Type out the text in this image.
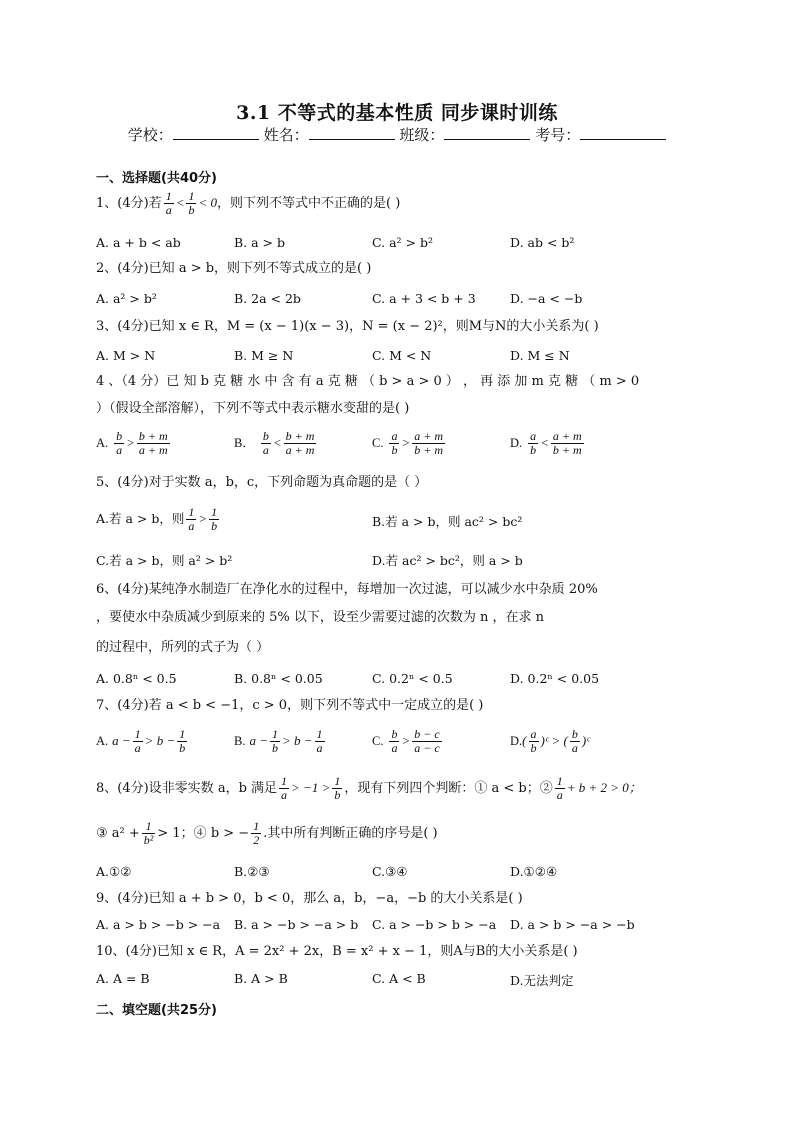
3.1 不等式的基本性质 同步课时训练
学校：	姓名：	班级：	考号：
一、选择题(共40分)
1、(4分)若 $\frac{1}{a} < \frac{1}{b} < 0$，则下列不等式中不正确的是( )
A. a + b < ab	B. a > b	C. a² > b²	D. ab < b²
2、(4分)已知 a > b，则下列不等式成立的是( )
A. a² > b²	B. 2a < 2b	C. a + 3 < b + 3	D. −a < −b
3、(4分)已知 x ∈ R，M = (x − 1)(x − 3)，N = (x − 2)²，则M与N的大小关系为( )
A. M > N	B. M ≥ N	C. M < N	D. M ≤ N
4 、（4 分）已 知 b 克 糖 水 中 含 有 a 克 糖 （ b > a > 0 ） ， 再 添 加 m 克 糖 （ m > 0
）（假设全部溶解），下列不等式中表示糖水变甜的是( )
A. $\frac{b}{a} > \frac{b + m}{a + m}$	B． $\frac{b}{a} < \frac{b + m}{a + m}$	C. $\frac{a}{b} > \frac{a + m}{b + m}$	D. $\frac{a}{b} < \frac{a + m}{b + m}$
5、(4分)对于实数 a，b，c，下列命题为真命题的是（ ）
A.若 a > b，则 $\frac{1}{a} > \frac{1}{b}$	B.若 a > b，则 ac² > bc²
C.若 a > b，则 a² > b²	D.若 ac² > bc²，则 a > b
6、(4分)某纯净水制造厂在净化水的过程中，每增加一次过滤，可以减少水中杂质 20%
，要使水中杂质减少到原来的 5% 以下，设至少需要过滤的次数为 n ，在求 n
的过程中，所列的式子为（ ）
A. 0.8ⁿ < 0.5	B. 0.8ⁿ < 0.05	C. 0.2ⁿ < 0.5	D. 0.2ⁿ < 0.05
7、(4分)若 a < b < −1，c > 0，则下列不等式中一定成立的是( )
A. $a - \frac{1}{a} > b - \frac{1}{b}$	B. $a - \frac{1}{b} > b - \frac{1}{a}$	C. $\frac{b}{a} > \frac{b - c}{a - c}$	$D.( \frac{a}{b}$ )ᶜ > ( $\frac{b}{a}$ )ᶜ
8、(4分)设非零实数 a，b 满足 $\frac{1}{a} > -1 > \frac{1}{b}$ ，现有下列四个判断：① a < b；② $\frac{1}{a} + b + 2 > 0$；
③ $a^2 + \frac{1}{\text{b²}} > 1$；④ b > − $\frac{1}{2}$ .其中所有判断正确的序号是( )
A.①②	B.②③	C.③④	D.①②④
9、(4分)已知 a + b > 0，b < 0，那么 a，b，−a，−b 的大小关系是( )
A. a > b > −b > −a B. a > −b > −a > b C. a > −b > b > −a D. a > b > −a > −b
10、(4分)已知 x ∈ R，A = 2x² + 2x，B = x² + x − 1，则A与B的大小关系是( )
A. A = B	B. A > B	C. A < B	D.无法判定
二、填空题(共25分)
